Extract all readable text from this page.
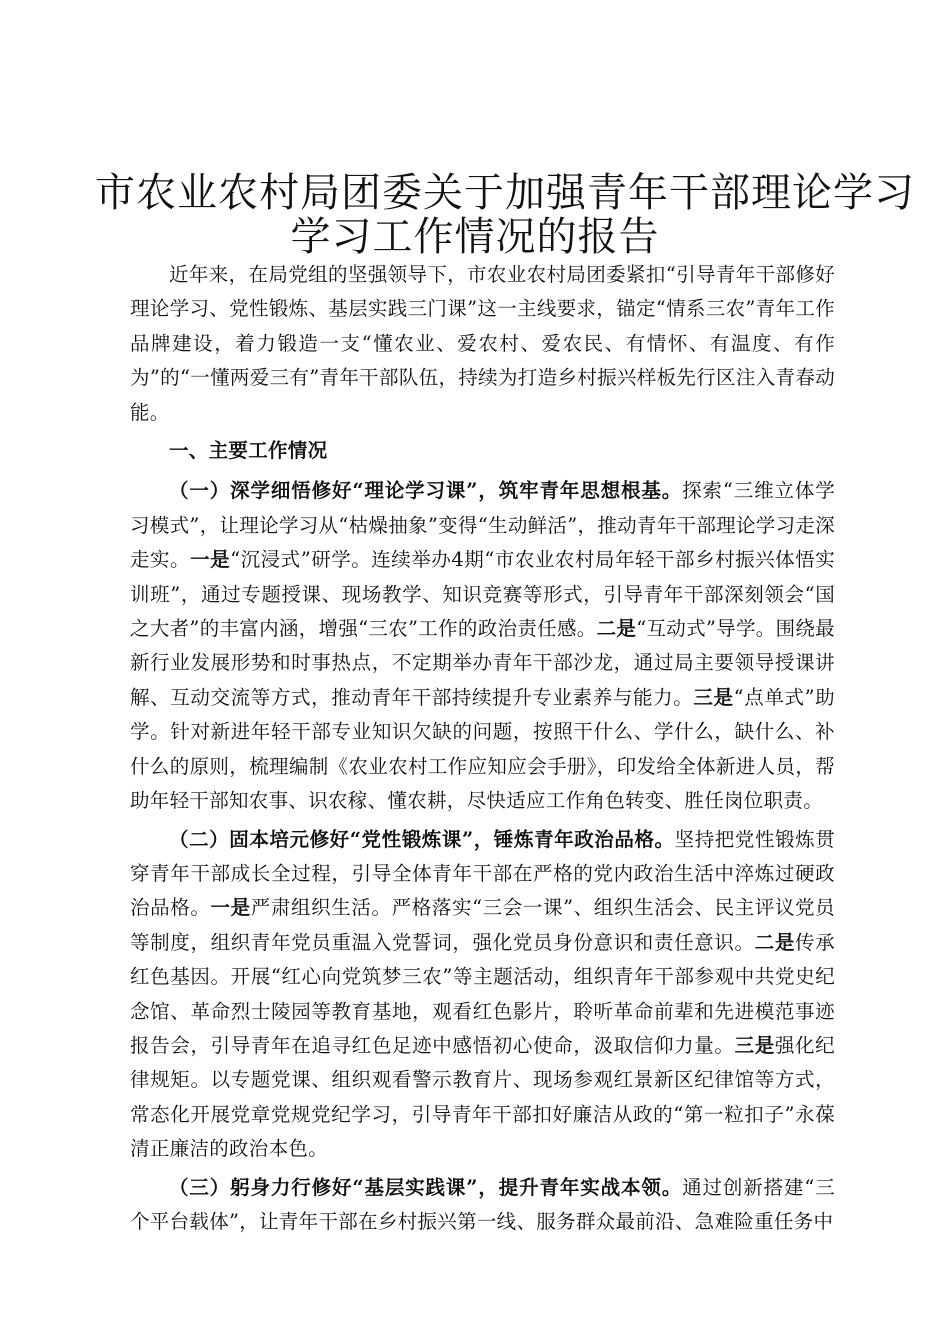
市农业农村局团委关于加强青年干部理论学习
学习工作情况的报告

近年来，在局党组的坚强领导下，市农业农村局团委紧扣“引导青年干部修好理论学习、党性锻炼、基层实践三门课”这一主线要求，锚定“情系三农”青年工作品牌建设，着力锻造一支“懂农业、爱农村、爱农民、有情怀、有温度、有作为”的“一懂两爱三有”青年干部队伍，持续为打造乡村振兴样板先行区注入青春动能。

一、主要工作情况

（一）深学细悟修好“理论学习课”，筑牢青年思想根基。探索“三维立体学习模式”，让理论学习从“枯燥抽象”变得“生动鲜活”，推动青年干部理论学习走深走实。一是“沉浸式”研学。连续举办4期“市农业农村局年轻干部乡村振兴体悟实训班”，通过专题授课、现场教学、知识竞赛等形式，引导青年干部深刻领会“国之大者”的丰富内涵，增强“三农”工作的政治责任感。二是“互动式”导学。围绕最新行业发展形势和时事热点，不定期举办青年干部沙龙，通过局主要领导授课讲解、互动交流等方式，推动青年干部持续提升专业素养与能力。三是“点单式”助学。针对新进年轻干部专业知识欠缺的问题，按照干什么、学什么，缺什么、补什么的原则，梳理编制《农业农村工作应知应会手册》，印发给全体新进人员，帮助年轻干部知农事、识农稼、懂农耕，尽快适应工作角色转变、胜任岗位职责。

（二）固本培元修好“党性锻炼课”，锤炼青年政治品格。坚持把党性锻炼贯穿青年干部成长全过程，引导全体青年干部在严格的党内政治生活中淬炼过硬政治品格。一是严肃组织生活。严格落实“三会一课”、组织生活会、民主评议党员等制度，组织青年党员重温入党誓词，强化党员身份意识和责任意识。二是传承红色基因。开展“红心向党筑梦三农”等主题活动，组织青年干部参观中共党史纪念馆、革命烈士陵园等教育基地，观看红色影片，聆听革命前辈和先进模范事迹报告会，引导青年在追寻红色足迹中感悟初心使命，汲取信仰力量。三是强化纪律规矩。以专题党课、组织观看警示教育片、现场参观红景新区纪律馆等方式，常态化开展党章党规党纪学习，引导青年干部扣好廉洁从政的“第一粒扣子”永葆清正廉洁的政治本色。

（三）躬身力行修好“基层实践课”，提升青年实战本领。通过创新搭建“三个平台载体”，让青年干部在乡村振兴第一线、服务群众最前沿、急难险重任务中
